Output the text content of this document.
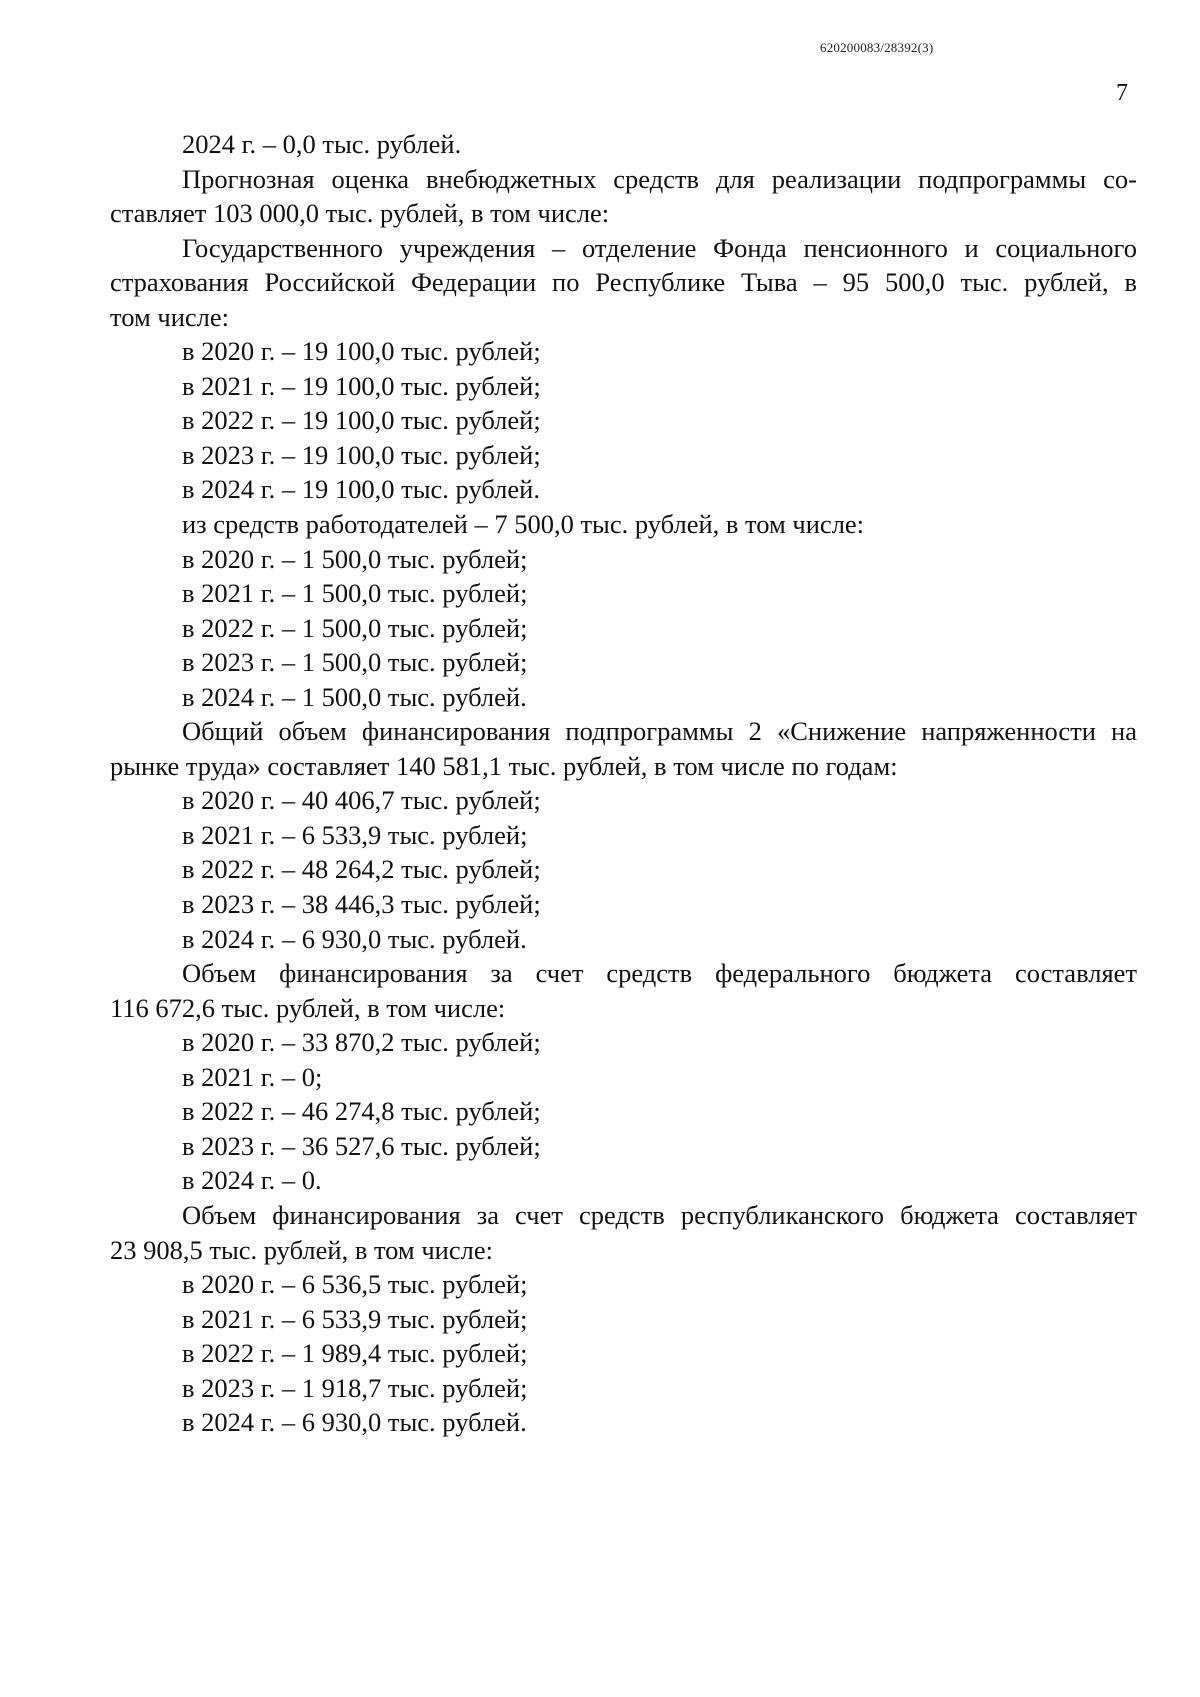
620200083/28392(3)
7
2024 г. – 0,0 тыс. рублей.
Прогнозная оценка внебюджетных средств для реализации подпрограммы со-
ставляет 103 000,0 тыс. рублей, в том числе:
Государственного учреждения – отделение Фонда пенсионного и социального
страхования Российской Федерации по Республике Тыва – 95 500,0 тыс. рублей, в
том числе:
в 2020 г. – 19 100,0 тыс. рублей;
в 2021 г. – 19 100,0 тыс. рублей;
в 2022 г. – 19 100,0 тыс. рублей;
в 2023 г. – 19 100,0 тыс. рублей;
в 2024 г. – 19 100,0 тыс. рублей.
из средств работодателей – 7 500,0 тыс. рублей, в том числе:
в 2020 г. – 1 500,0 тыс. рублей;
в 2021 г. – 1 500,0 тыс. рублей;
в 2022 г. – 1 500,0 тыс. рублей;
в 2023 г. – 1 500,0 тыс. рублей;
в 2024 г. – 1 500,0 тыс. рублей.
Общий объем финансирования подпрограммы 2 «Снижение напряженности на
рынке труда» составляет 140 581,1 тыс. рублей, в том числе по годам:
в 2020 г. – 40 406,7 тыс. рублей;
в 2021 г. – 6 533,9 тыс. рублей;
в 2022 г. – 48 264,2 тыс. рублей;
в 2023 г. – 38 446,3 тыс. рублей;
в 2024 г. – 6 930,0 тыс. рублей.
Объем финансирования за счет средств федерального бюджета составляет
116 672,6 тыс. рублей, в том числе:
в 2020 г. – 33 870,2 тыс. рублей;
в 2021 г. – 0;
в 2022 г. – 46 274,8 тыс. рублей;
в 2023 г. – 36 527,6 тыс. рублей;
в 2024 г. – 0.
Объем финансирования за счет средств республиканского бюджета составляет
23 908,5 тыс. рублей, в том числе:
в 2020 г. – 6 536,5 тыс. рублей;
в 2021 г. – 6 533,9 тыс. рублей;
в 2022 г. – 1 989,4 тыс. рублей;
в 2023 г. – 1 918,7 тыс. рублей;
в 2024 г. – 6 930,0 тыс. рублей.
